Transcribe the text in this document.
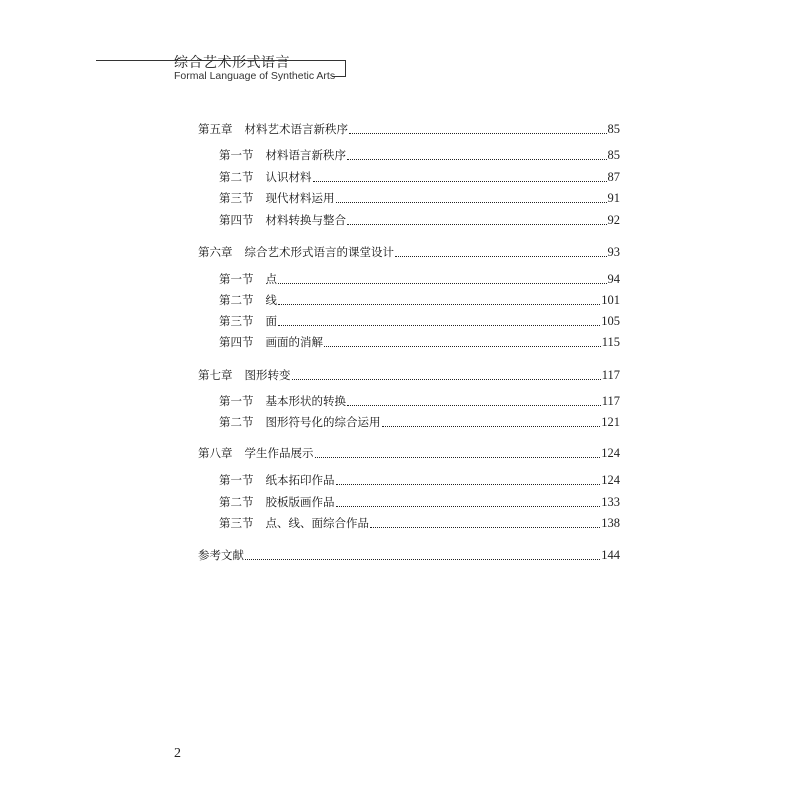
综合艺术形式语言
Formal Language of Synthetic Arts
第五章 材料艺术语言新秩序	85
第一节 材料语言新秩序	85
第二节 认识材料	87
第三节 现代材料运用	91
第四节 材料转换与整合	92
第六章 综合艺术形式语言的课堂设计	93
第一节 点	94
第二节 线	101
第三节 面	105
第四节 画面的消解	115
第七章 图形转变	117
第一节 基本形状的转换	117
第二节 图形符号化的综合运用	121
第八章 学生作品展示	124
第一节 纸本拓印作品	124
第二节 胶板版画作品	133
第三节 点、线、面综合作品	138
参考文献	144
2
